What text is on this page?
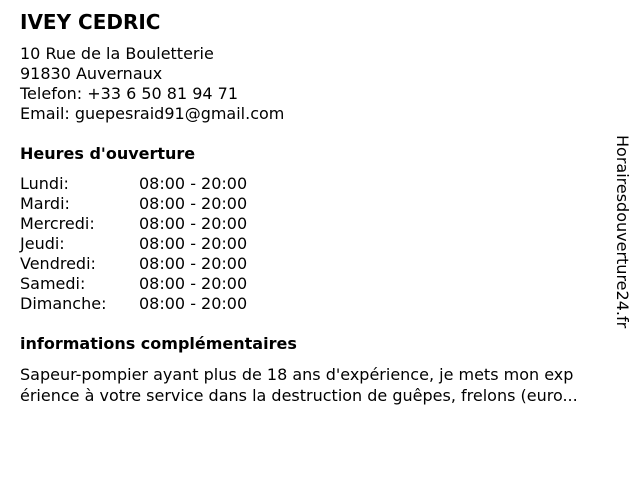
IVEY CEDRIC
10 Rue de la Bouletterie
91830 Auvernaux
Telefon: +33 6 50 81 94 71
Email: guepesraid91@gmail.com
Heures d'ouverture
Lundi:	08:00 - 20:00
Mardi:	08:00 - 20:00
Mercredi:	08:00 - 20:00
Jeudi:	08:00 - 20:00
Vendredi:	08:00 - 20:00
Samedi:	08:00 - 20:00
Dimanche: 08:00 - 20:00
informations complémentaires
Sapeur-pompier ayant plus de 18 ans d'expérience, je mets mon exp
érience à votre service dans la destruction de guêpes, frelons (euro...
Horairesdouverture24.fr
